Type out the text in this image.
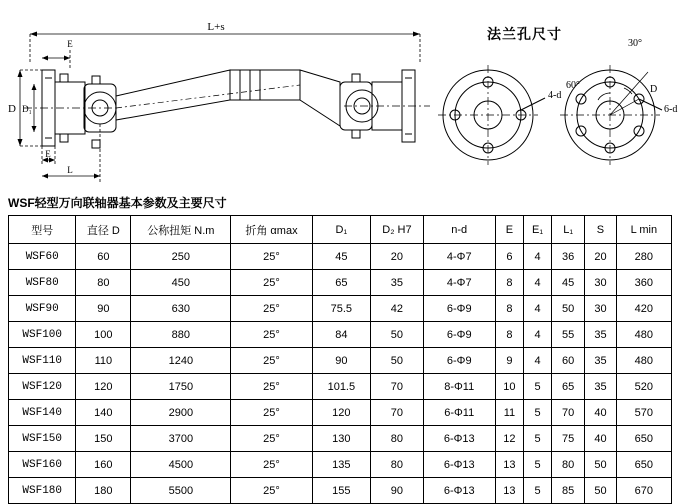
L+s
E
D D₁
E
L
4-d
6-d
60°
30°
D
法兰孔尺寸
WSF轻型万向联轴器基本参数及主要尺寸
型号	直径 D	公称扭矩 N.m	折角 αmax	D₁	D₂ H7	n-d	E	E₁	L₁	S	L min
WSF60	60	250	25°	45	20	4-Φ7	6	4	36	20	280
WSF80	80	450	25°	65	35	4-Φ7	8	4	45	30	360
WSF90	90	630	25°	75.5	42	6-Φ9	8	4	50	30	420
WSF100	100	880	25°	84	50	6-Φ9	8	4	55	35	480
WSF110	110	1240	25°	90	50	6-Φ9	9	4	60	35	480
WSF120	120	1750	25°	101.5	70	8-Φ11	10	5	65	35	520
WSF140	140	2900	25°	120	70	6-Φ11	11	5	70	40	570
WSF150	150	3700	25°	130	80	6-Φ13	12	5	75	40	650
WSF160	160	4500	25°	135	80	6-Φ13	13	5	80	50	650
WSF180	180	5500	25°	155	90	6-Φ13	13	5	85	50	670
